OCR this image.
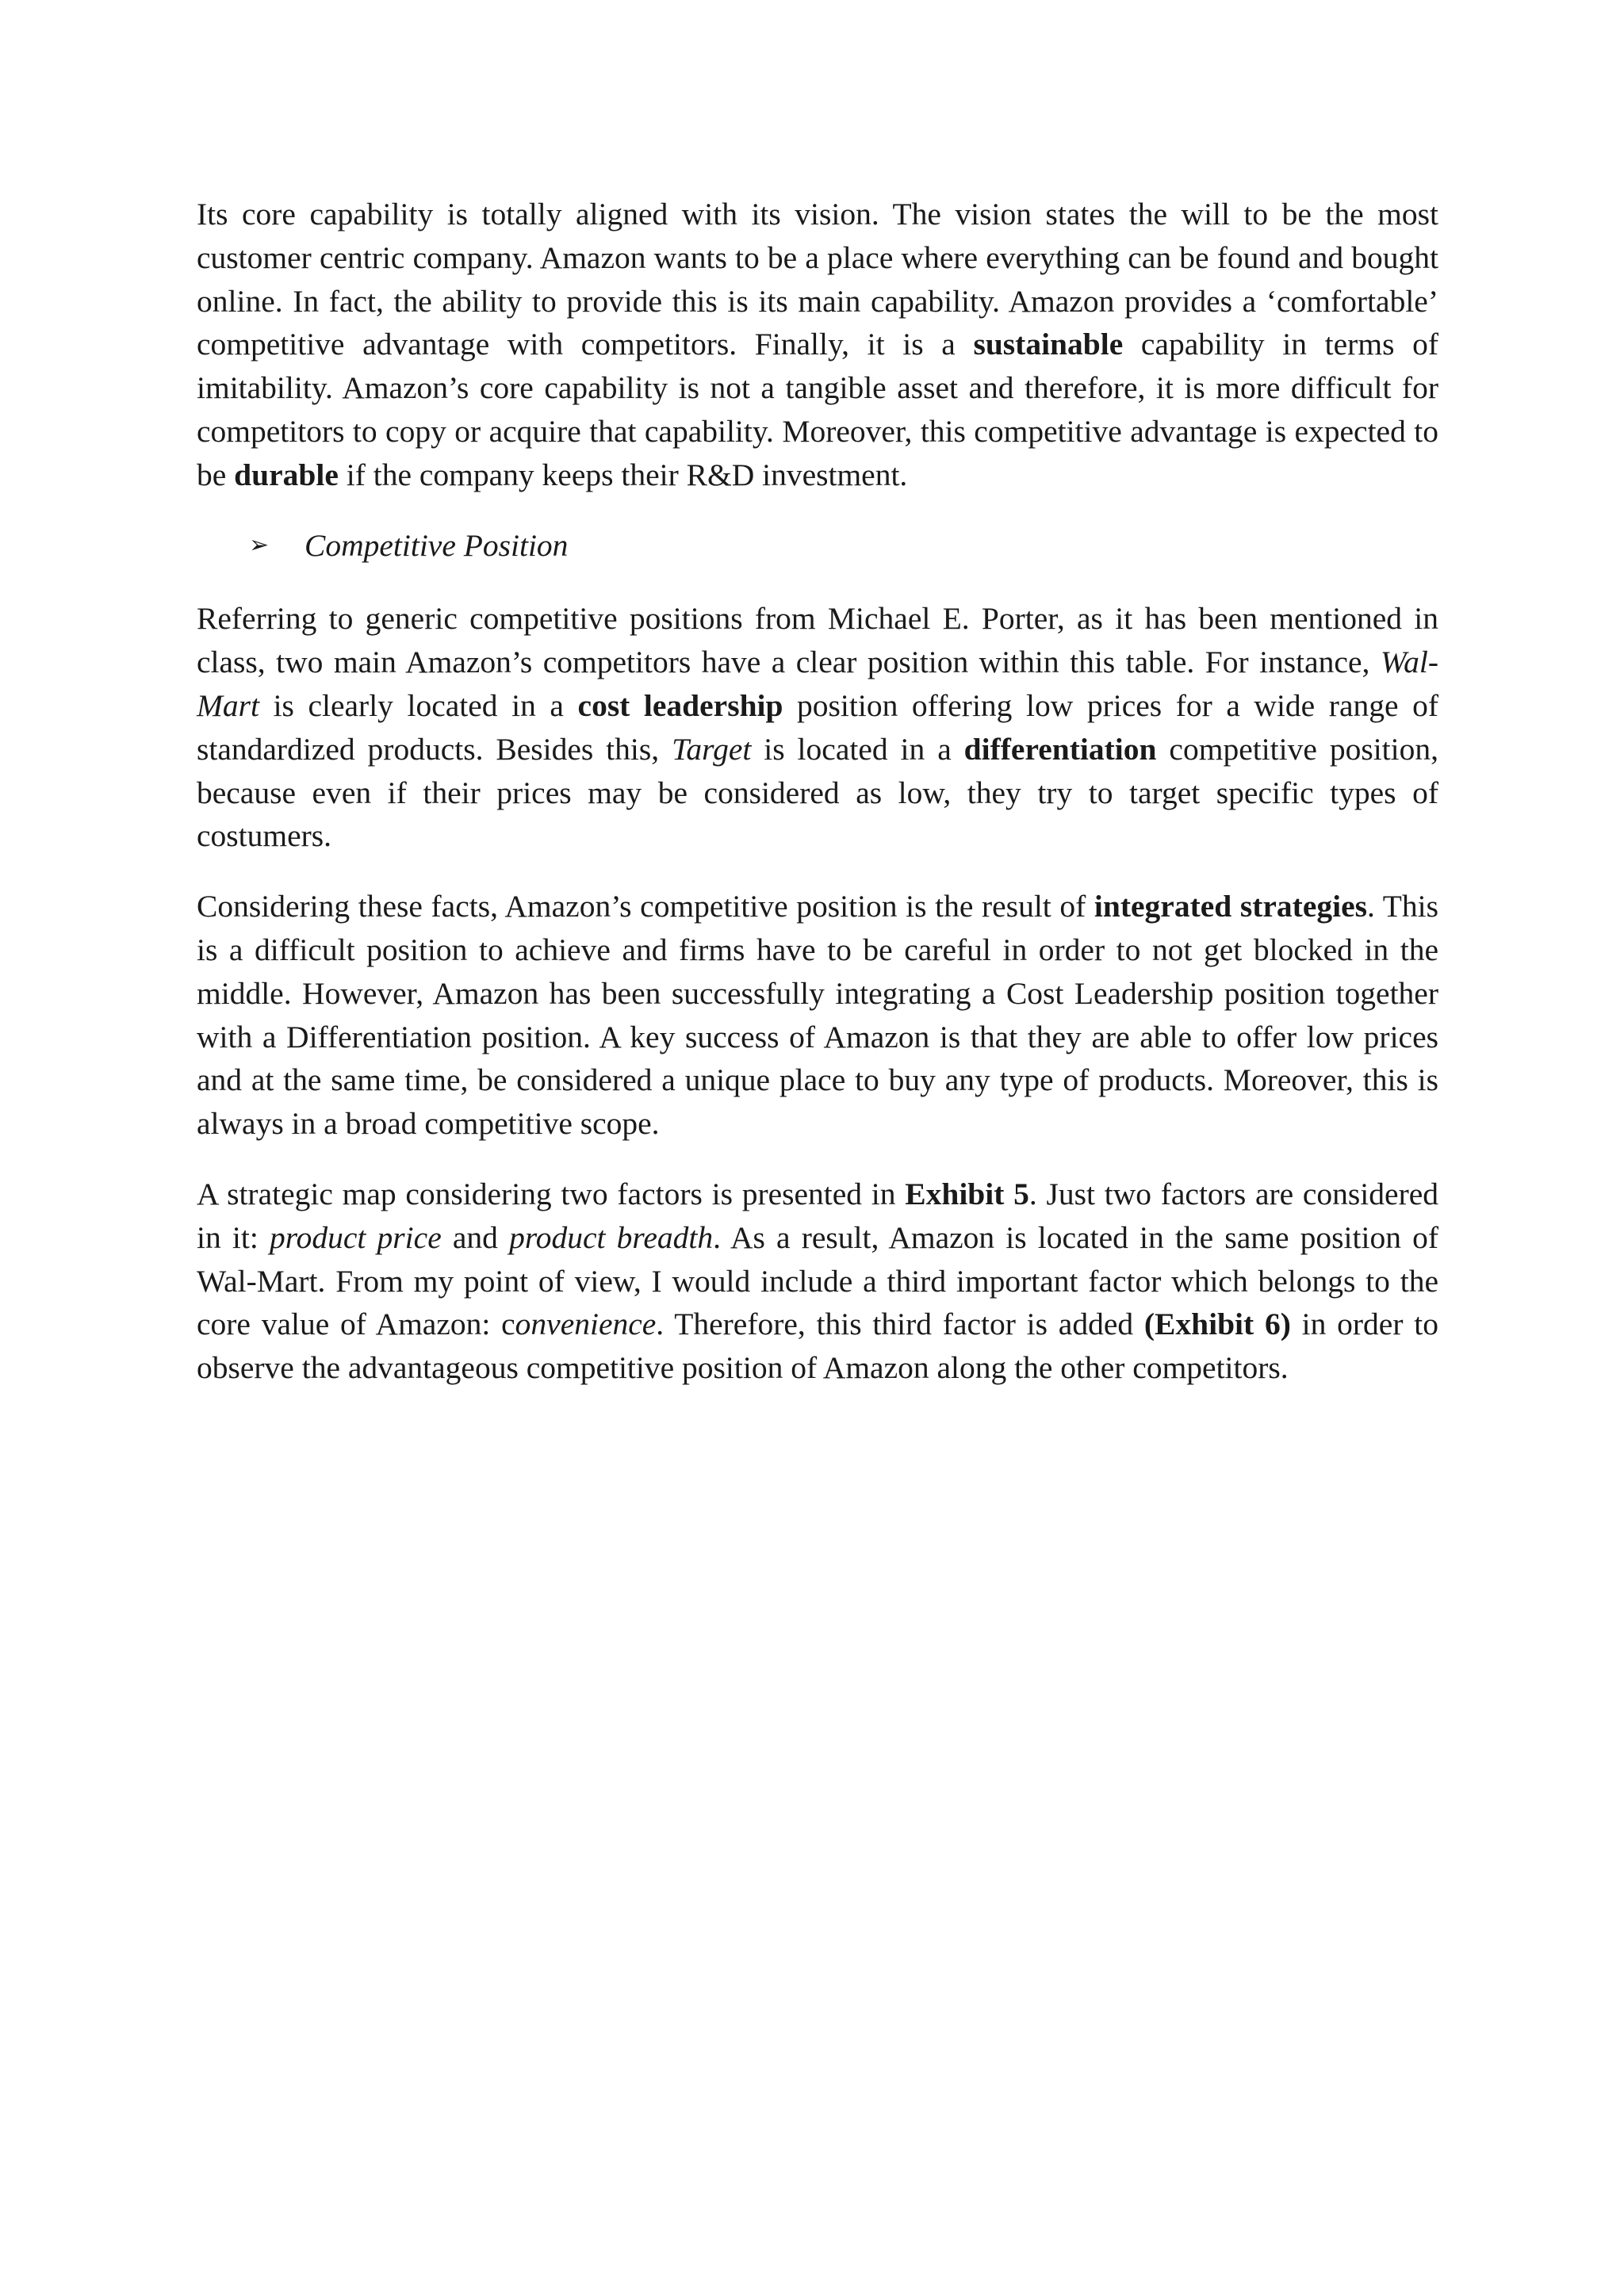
Its core capability is totally aligned with its vision. The vision states the will to be the most customer centric company. Amazon wants to be a place where everything can be found and bought online. In fact, the ability to provide this is its main capability. Amazon provides a ‘comfortable’ competitive advantage with competitors. Finally, it is a sustainable capability in terms of imitability. Amazon’s core capability is not a tangible asset and therefore, it is more difficult for competitors to copy or acquire that capability. Moreover, this competitive advantage is expected to be durable if the company keeps their R&D investment.

➢	Competitive Position

Referring to generic competitive positions from Michael E. Porter, as it has been mentioned in class, two main Amazon’s competitors have a clear position within this table. For instance, Wal-Mart is clearly located in a cost leadership position offering low prices for a wide range of standardized products. Besides this, Target is located in a differentiation competitive position, because even if their prices may be considered as low, they try to target specific types of costumers.

Considering these facts, Amazon’s competitive position is the result of integrated strategies. This is a difficult position to achieve and firms have to be careful in order to not get blocked in the middle. However, Amazon has been successfully integrating a Cost Leadership position together with a Differentiation position. A key success of Amazon is that they are able to offer low prices and at the same time, be considered a unique place to buy any type of products. Moreover, this is always in a broad competitive scope.

A strategic map considering two factors is presented in Exhibit 5. Just two factors are considered in it: product price and product breadth. As a result, Amazon is located in the same position of Wal-Mart. From my point of view, I would include a third important factor which belongs to the core value of Amazon: convenience. Therefore, this third factor is added (Exhibit 6) in order to observe the advantageous competitive position of Amazon along the other competitors.
